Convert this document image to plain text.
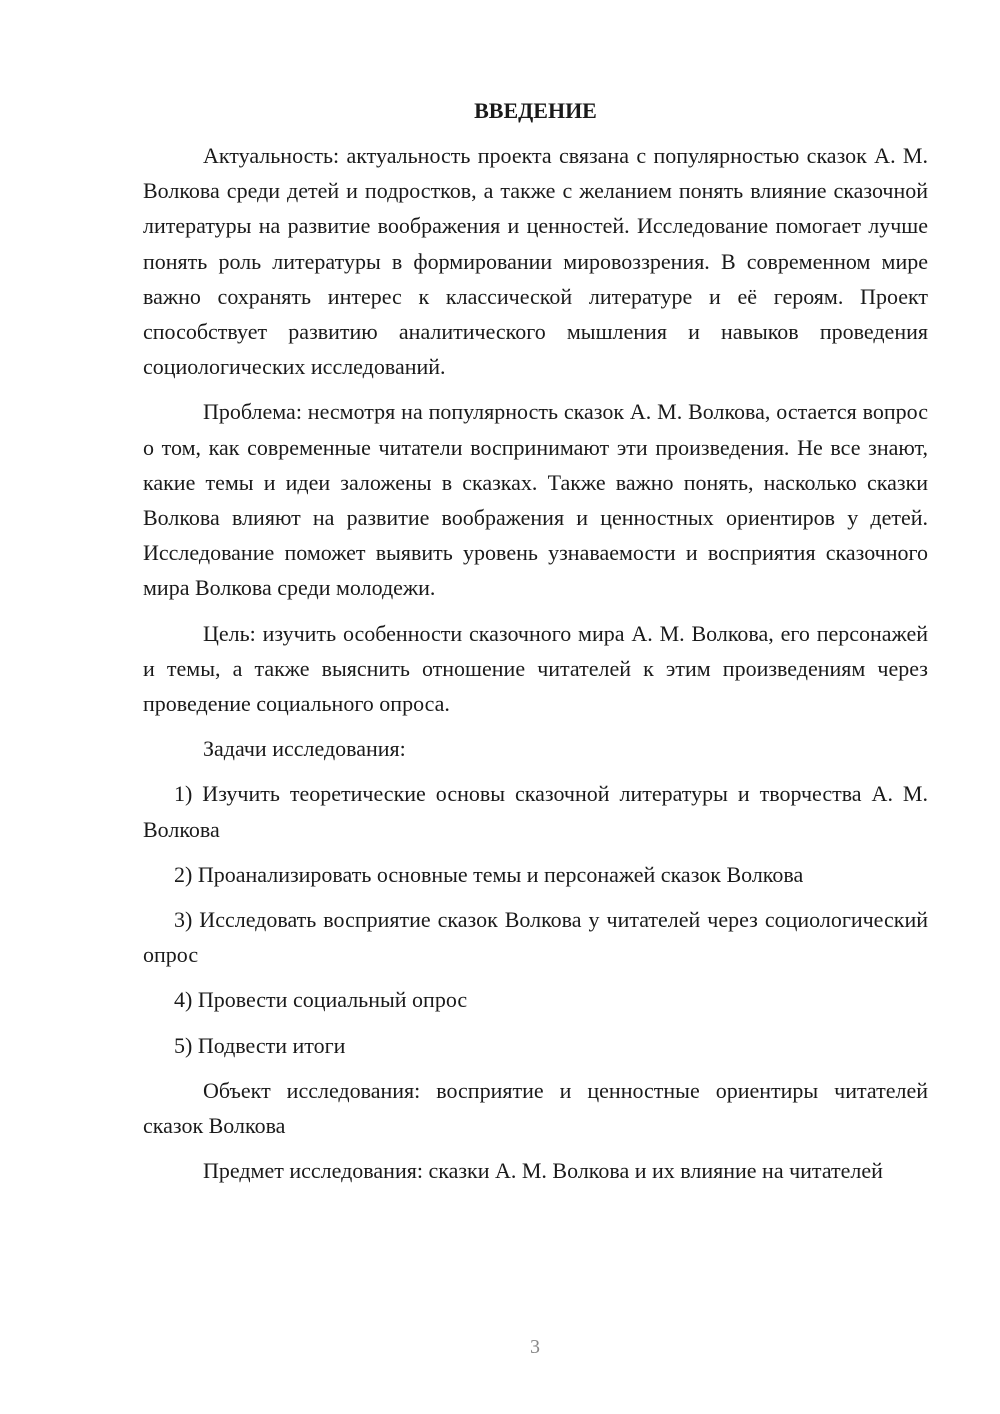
ВВЕДЕНИЕ

Актуальность: актуальность проекта связана с популярностью сказок А. М. Волкова среди детей и подростков, а также с желанием понять влияние сказочной литературы на развитие воображения и ценностей. Исследование помогает лучше понять роль литературы в формировании мировоззрения. В современном мире важно сохранять интерес к классической литературе и её героям. Проект способствует развитию аналитического мышления и навыков проведения социологических исследований.

Проблема: несмотря на популярность сказок А. М. Волкова, остается вопрос о том, как современные читатели воспринимают эти произведения. Не все знают, какие темы и идеи заложены в сказках. Также важно понять, насколько сказки Волкова влияют на развитие воображения и ценностных ориентиров у детей. Исследование поможет выявить уровень узнаваемости и восприятия сказочного мира Волкова среди молодежи.

Цель: изучить особенности сказочного мира А. М. Волкова, его персонажей и темы, а также выяснить отношение читателей к этим произведениям через проведение социального опроса.

Задачи исследования:

1) Изучить теоретические основы сказочной литературы и творчества А. М. Волкова

2) Проанализировать основные темы и персонажей сказок Волкова

3) Исследовать восприятие сказок Волкова у читателей через социологический опрос

4) Провести социальный опрос

5) Подвести итоги

Объект исследования: восприятие и ценностные ориентиры читателей сказок Волкова

Предмет исследования: сказки А. М. Волкова и их влияние на читателей

3
